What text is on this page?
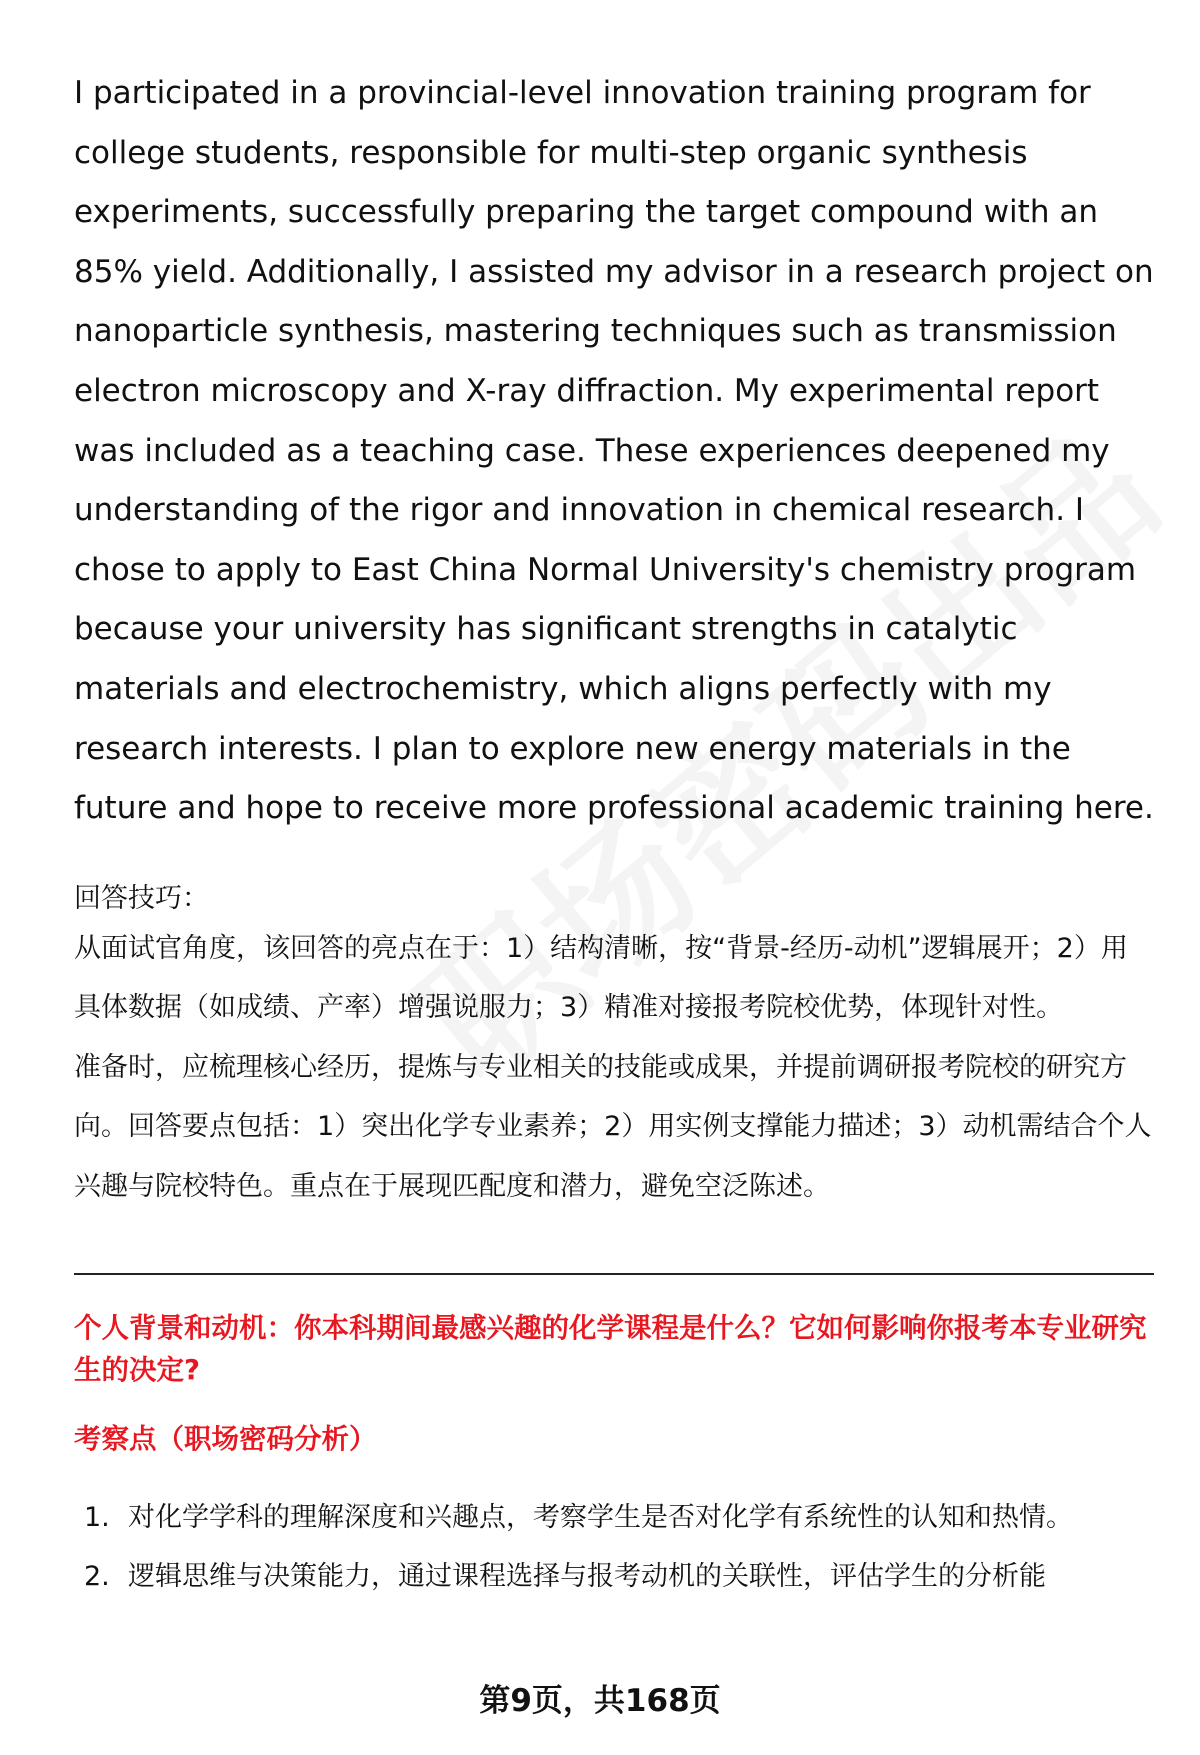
I participated in a provincial-level innovation training program for college students, responsible for multi-step organic synthesis experiments, successfully preparing the target compound with an 85% yield. Additionally, I assisted my advisor in a research project on nanoparticle synthesis, mastering techniques such as transmission electron microscopy and X-ray diffraction. My experimental report was included as a teaching case. These experiences deepened my understanding of the rigor and innovation in chemical research. I chose to apply to East China Normal University's chemistry program because your university has significant strengths in catalytic materials and electrochemistry, which aligns perfectly with my research interests. I plan to explore new energy materials in the future and hope to receive more professional academic training here.

回答技巧：

从面试官角度，该回答的亮点在于：1）结构清晰，按“背景-经历-动机”逻辑展开；2）用具体数据（如成绩、产率）增强说服力；3）精准对接报考院校优势，体现针对性。

准备时，应梳理核心经历，提炼与专业相关的技能或成果，并提前调研报考院校的研究方向。回答要点包括：1）突出化学专业素养；2）用实例支撑能力描述；3）动机需结合个人兴趣与院校特色。重点在于展现匹配度和潜力，避免空泛陈述。

个人背景和动机：你本科期间最感兴趣的化学课程是什么？它如何影响你报考本专业研究生的决定?

考察点（职场密码分析）

1. 对化学学科的理解深度和兴趣点，考察学生是否对化学有系统性的认知和热情。
2. 逻辑思维与决策能力，通过课程选择与报考动机的关联性，评估学生的分析能
第9页，共168页
